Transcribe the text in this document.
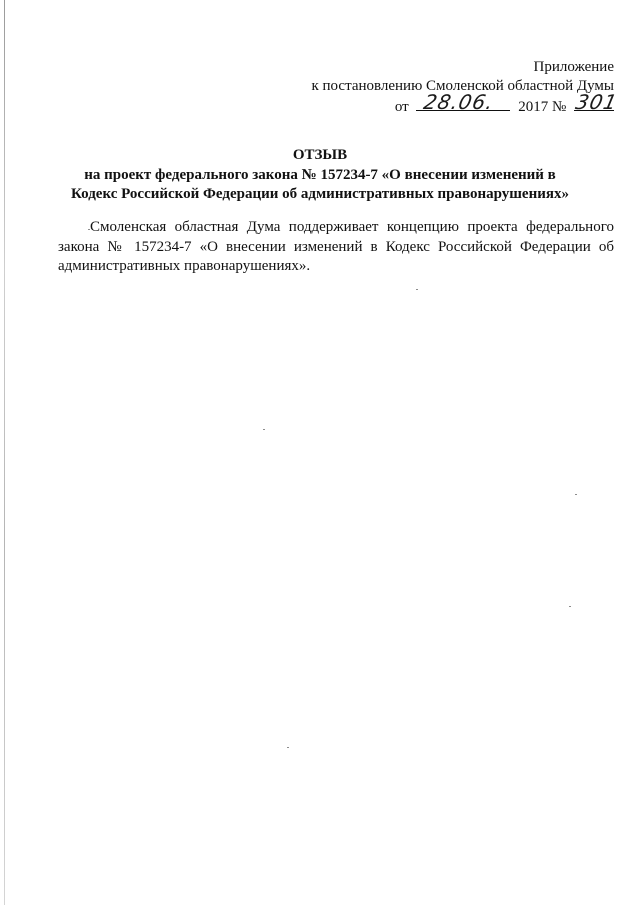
Приложение
к постановлению Смоленской областной Думы
от 28.06. 2017 № 301
ОТЗЫВ
на проект федерального закона № 157234-7 «О внесении изменений в
Кодекс Российской Федерации об административных правонарушениях»
Смоленская областная Дума поддерживает концепцию проекта федерального закона № 157234-7 «О внесении изменений в Кодекс Российской Федерации об административных правонарушениях».
